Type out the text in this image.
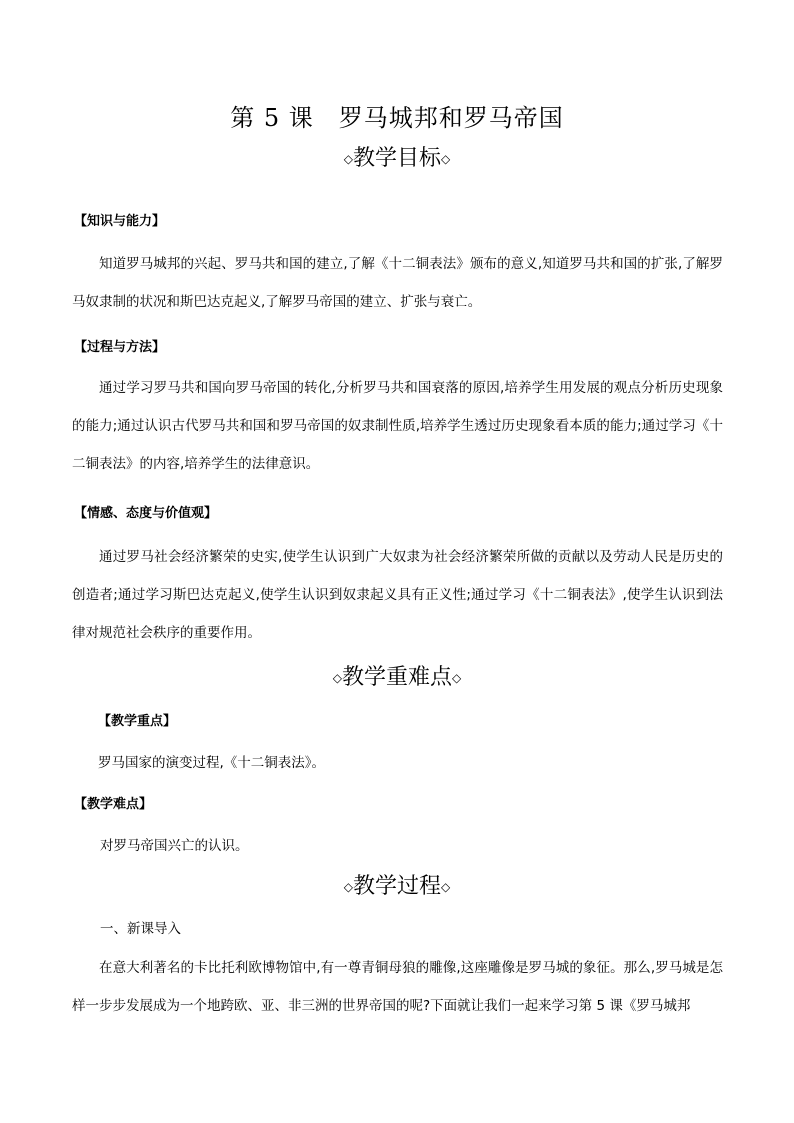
第 5 课　罗马城邦和罗马帝国
◇教学目标◇
【知识与能力】
知道罗马城邦的兴起、罗马共和国的建立,了解《十二铜表法》颁布的意义,知道罗马共和国的扩张,了解罗马奴隶制的状况和斯巴达克起义,了解罗马帝国的建立、扩张与衰亡。
【过程与方法】
通过学习罗马共和国向罗马帝国的转化,分析罗马共和国衰落的原因,培养学生用发展的观点分析历史现象的能力;通过认识古代罗马共和国和罗马帝国的奴隶制性质,培养学生透过历史现象看本质的能力;通过学习《十二铜表法》的内容,培养学生的法律意识。
【情感、态度与价值观】
通过罗马社会经济繁荣的史实,使学生认识到广大奴隶为社会经济繁荣所做的贡献以及劳动人民是历史的创造者;通过学习斯巴达克起义,使学生认识到奴隶起义具有正义性;通过学习《十二铜表法》,使学生认识到法律对规范社会秩序的重要作用。
◇教学重难点◇
【教学重点】
罗马国家的演变过程,《十二铜表法》。
【教学难点】
对罗马帝国兴亡的认识。
◇教学过程◇
一、新课导入
在意大利著名的卡比托利欧博物馆中,有一尊青铜母狼的雕像,这座雕像是罗马城的象征。那么,罗马城是怎样一步步发展成为一个地跨欧、亚、非三洲的世界帝国的呢?下面就让我们一起来学习第 5 课《罗马城邦
